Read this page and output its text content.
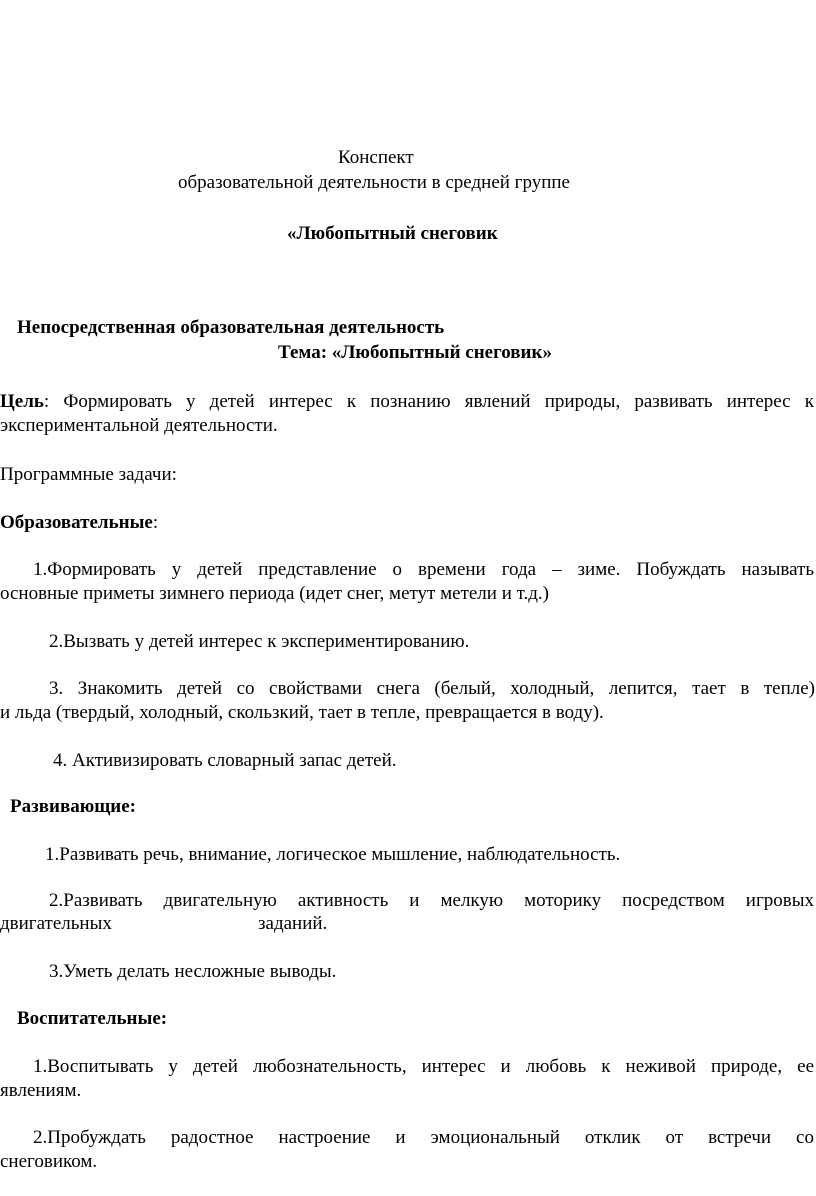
Конспект
образовательной деятельности в средней группе
«Любопытный снеговик
Непосредственная образовательная деятельность
Тема: «Любопытный снеговик»
Цель: Формировать у детей интерес к познанию явлений природы, развивать интерес к
экспериментальной деятельности.
Программные задачи:
Образовательные:
1.Формировать у детей представление о времени года – зиме. Побуждать называть
основные приметы зимнего периода (идет снег, метут метели и т.д.)
2.Вызвать у детей интерес к экспериментированию.
3. Знакомить детей со свойствами снега (белый, холодный, лепится, тает в тепле)
и льда (твердый, холодный, скользкий, тает в тепле, превращается в воду).
4. Активизировать словарный запас детей.
Развивающие:
1.Развивать речь, внимание, логическое мышление, наблюдательность.
2.Развивать двигательную активность и мелкую моторику посредством игровых
двигательных	заданий.
3.Уметь делать несложные выводы.
Воспитательные:
1.Воспитывать у детей любознательность, интерес и любовь к неживой природе, ее
явлениям.
2.Пробуждать радостное настроение и эмоциональный отклик от встречи со
снеговиком.
